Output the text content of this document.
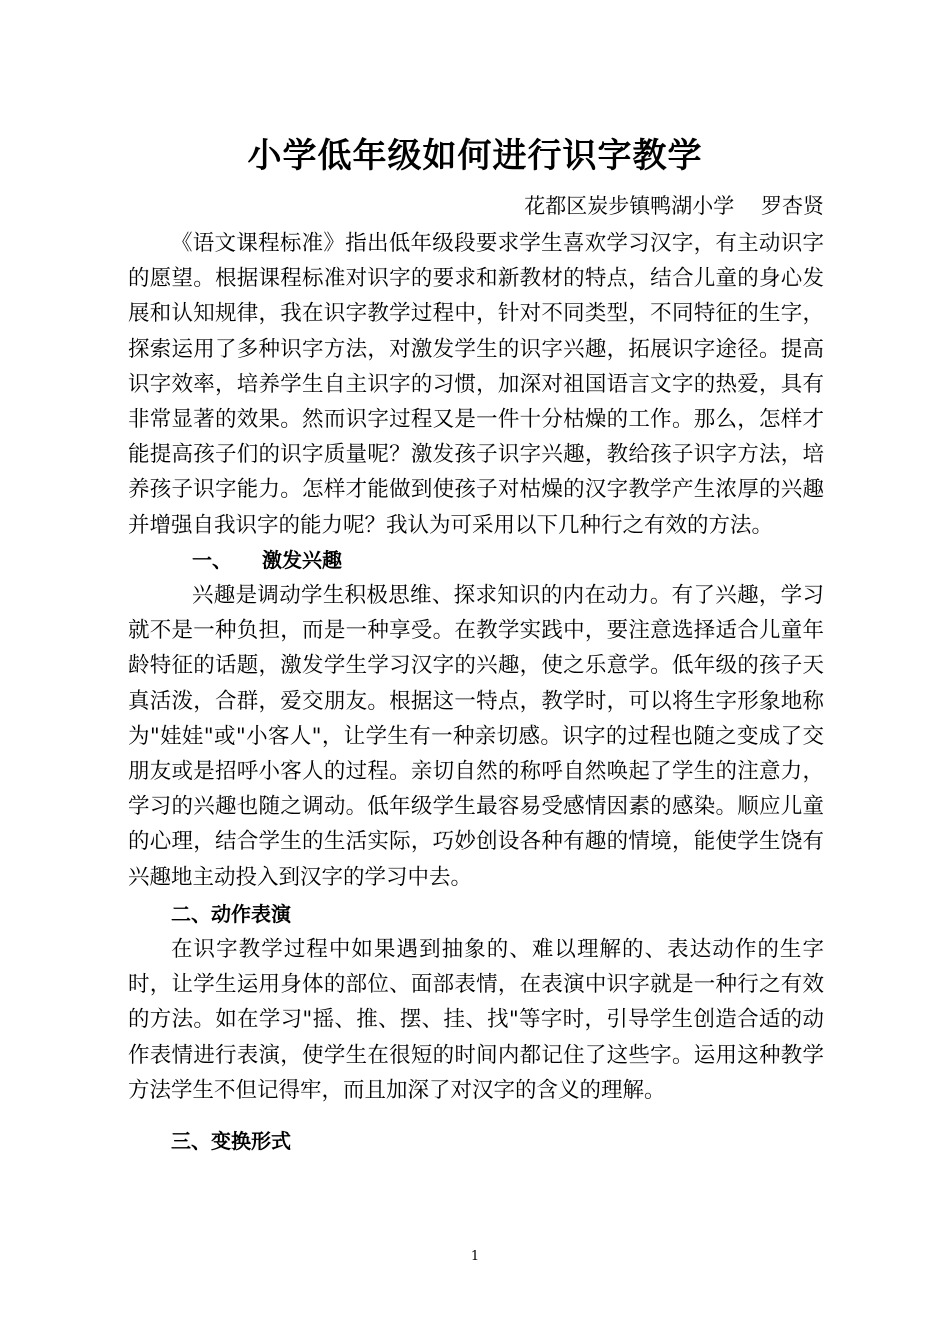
小学低年级如何进行识字教学
花都区炭步镇鸭湖小学    罗杏贤

《语文课程标准》指出低年级段要求学生喜欢学习汉字，有主动识字的愿望。根据课程标准对识字的要求和新教材的特点，结合儿童的身心发展和认知规律，我在识字教学过程中，针对不同类型，不同特征的生字，探索运用了多种识字方法，对激发学生的识字兴趣，拓展识字途径。提高识字效率，培养学生自主识字的习惯，加深对祖国语言文字的热爱，具有非常显著的效果。然而识字过程又是一件十分枯燥的工作。那么，怎样才能提高孩子们的识字质量呢？激发孩子识字兴趣，教给孩子识字方法，培养孩子识字能力。怎样才能做到使孩子对枯燥的汉字教学产生浓厚的兴趣并增强自我识字的能力呢？我认为可采用以下几种行之有效的方法。

一、 激发兴趣

兴趣是调动学生积极思维、探求知识的内在动力。有了兴趣，学习就不是一种负担，而是一种享受。在教学实践中，要注意选择适合儿童年龄特征的话题，激发学生学习汉字的兴趣，使之乐意学。低年级的孩子天真活泼，合群，爱交朋友。根据这一特点，教学时，可以将生字形象地称为"娃娃"或"小客人"，让学生有一种亲切感。识字的过程也随之变成了交朋友或是招呼小客人的过程。亲切自然的称呼自然唤起了学生的注意力，学习的兴趣也随之调动。低年级学生最容易受感情因素的感染。顺应儿童的心理，结合学生的生活实际，巧妙创设各种有趣的情境，能使学生饶有兴趣地主动投入到汉字的学习中去。

二、动作表演

在识字教学过程中如果遇到抽象的、难以理解的、表达动作的生字时，让学生运用身体的部位、面部表情，在表演中识字就是一种行之有效的方法。如在学习"摇、推、摆、挂、找"等字时，引导学生创造合适的动作表情进行表演，使学生在很短的时间内都记住了这些字。运用这种教学方法学生不但记得牢，而且加深了对汉字的含义的理解。

三、变换形式

1
